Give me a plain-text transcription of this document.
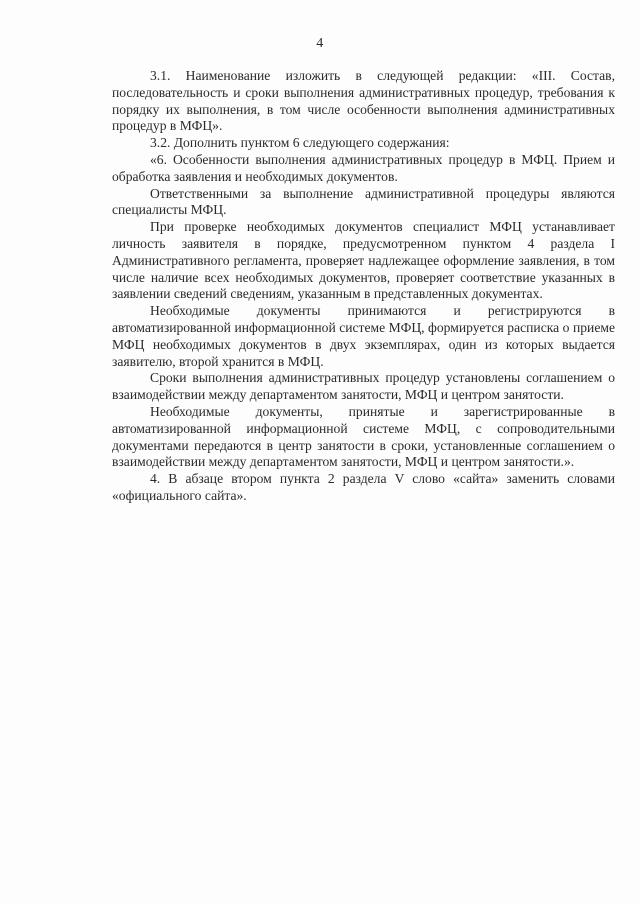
4

3.1. Наименование изложить в следующей редакции: «III. Состав, последовательность и сроки выполнения административных процедур, требования к порядку их выполнения, в том числе особенности выполнения административных процедур в МФЦ».

3.2. Дополнить пунктом 6 следующего содержания:

«6. Особенности выполнения административных процедур в МФЦ. Прием и обработка заявления и необходимых документов.

Ответственными за выполнение административной процедуры являются специалисты МФЦ.

При проверке необходимых документов специалист МФЦ устанавливает личность заявителя в порядке, предусмотренном пунктом 4 раздела I Административного регламента, проверяет надлежащее оформление заявления, в том числе наличие всех необходимых документов, проверяет соответствие указанных в заявлении сведений сведениям, указанным в представленных документах.

Необходимые документы принимаются и регистрируются в автоматизированной информационной системе МФЦ, формируется расписка о приеме МФЦ необходимых документов в двух экземплярах, один из которых выдается заявителю, второй хранится в МФЦ.

Сроки выполнения административных процедур установлены соглашением о взаимодействии между департаментом занятости, МФЦ и центром занятости.

Необходимые документы, принятые и зарегистрированные в автоматизированной информационной системе МФЦ, с сопроводительными документами передаются в центр занятости в сроки, установленные соглашением о взаимодействии между департаментом занятости, МФЦ и центром занятости.».

4. В абзаце втором пункта 2 раздела V слово «сайта» заменить словами «официального сайта».
